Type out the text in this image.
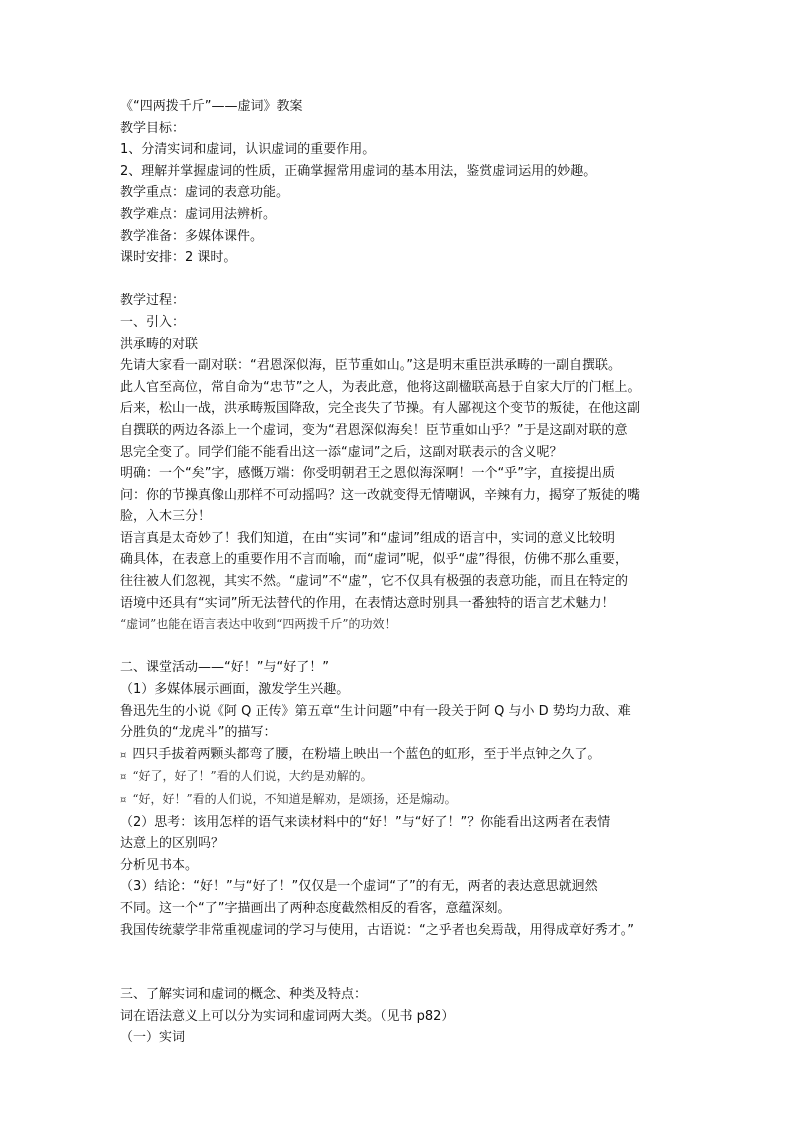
《“四两拨千斤”——虚词》教案
教学目标：
1、分清实词和虚词，认识虚词的重要作用。
2、理解并掌握虚词的性质，正确掌握常用虚词的基本用法，鉴赏虚词运用的妙趣。
教学重点：虚词的表意功能。
教学难点：虚词用法辨析。
教学准备：多媒体课件。
课时安排：2 课时。
教学过程：
一、引入：
洪承畴的对联
先请大家看一副对联：“君恩深似海，臣节重如山。”这是明末重臣洪承畴的一副自撰联。
此人官至高位，常自命为“忠节”之人，为表此意，他将这副楹联高悬于自家大厅的门框上。
后来，松山一战，洪承畴叛国降敌，完全丧失了节操。有人鄙视这个变节的叛徒，在他这副
自撰联的两边各添上一个虚词，变为“君恩深似海矣！臣节重如山乎？”于是这副对联的意
思完全变了。同学们能不能看出这一添“虚词”之后，这副对联表示的含义呢？
明确：一个“矣”字，感慨万端：你受明朝君王之恩似海深啊！一个“乎”字，直接提出质
问：你的节操真像山那样不可动摇吗？这一改就变得无情嘲讽，辛辣有力，揭穿了叛徒的嘴
脸，入木三分！
语言真是太奇妙了！我们知道，在由“实词”和“虚词”组成的语言中，实词的意义比较明
确具体，在表意上的重要作用不言而喻，而“虚词”呢，似乎“虚”得很，仿佛不那么重要，
往往被人们忽视，其实不然。“虚词”不“虚”，它不仅具有极强的表意功能，而且在特定的
语境中还具有“实词”所无法替代的作用，在表情达意时别具一番独特的语言艺术魅力！
“虚词”也能在语言表达中收到“四两拨千斤”的功效！
二、课堂活动——“好！”与“好了！”
（1）多媒体展示画面，激发学生兴趣。
鲁迅先生的小说《阿 Q 正传》第五章“生计问题”中有一段关于阿 Q 与小 D 势均力敌、难
分胜负的“龙虎斗”的描写：
¤ 四只手拔着两颗头都弯了腰，在粉墙上映出一个蓝色的虹形，至于半点钟之久了。
¤ “好了，好了！”看的人们说，大约是劝解的。
¤ “好，好！”看的人们说，不知道是解劝，是颂扬，还是煽动。
（2）思考：该用怎样的语气来读材料中的“好！”与“好了！”？你能看出这两者在表情
达意上的区别吗？
分析见书本。
（3）结论：“好！”与“好了！”仅仅是一个虚词“了”的有无，两者的表达意思就迥然
不同。这一个“了”字描画出了两种态度截然相反的看客，意蕴深刻。
我国传统蒙学非常重视虚词的学习与使用，古语说：“之乎者也矣焉哉，用得成章好秀才。”
三、了解实词和虚词的概念、种类及特点：
词在语法意义上可以分为实词和虚词两大类。（见书 p82）
（一）实词
